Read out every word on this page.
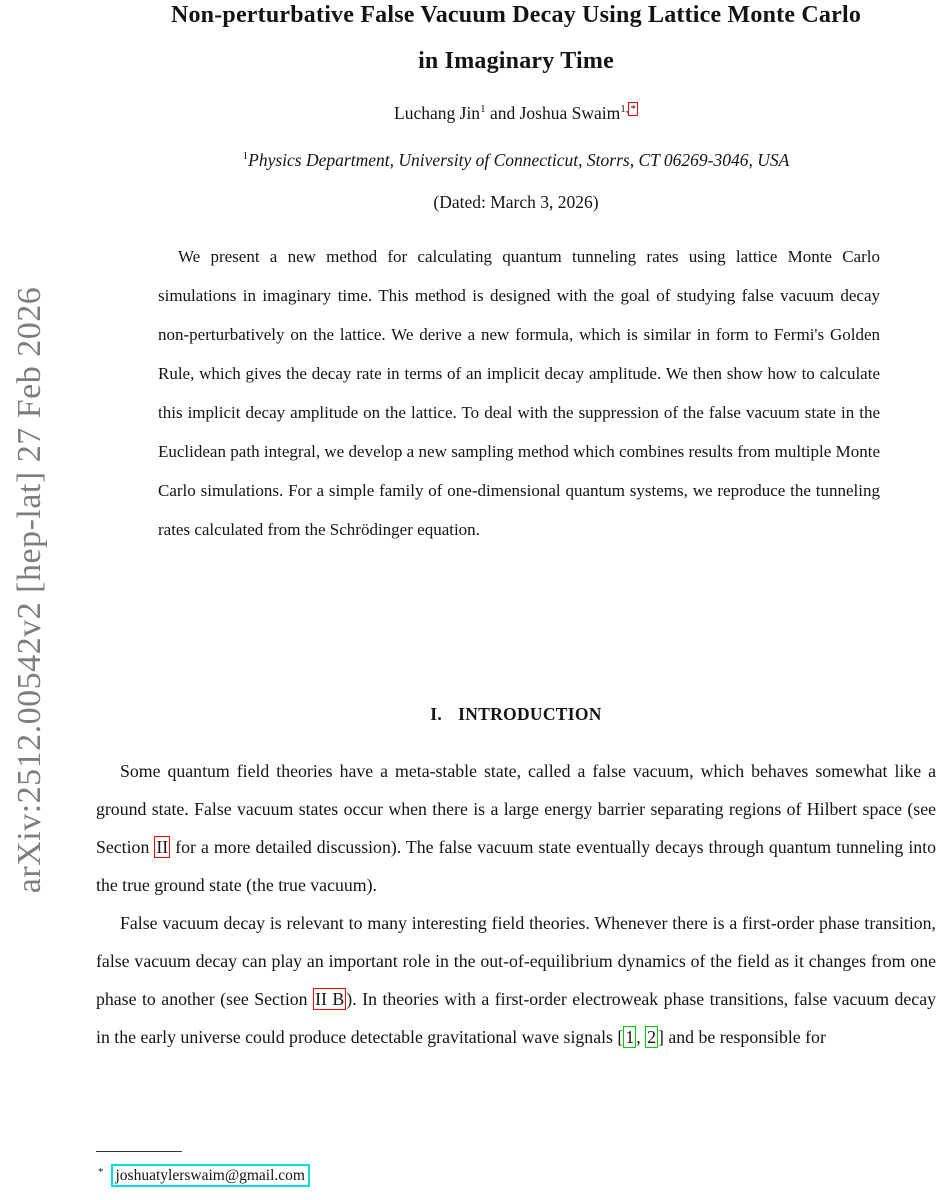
arXiv:2512.00542v2 [hep-lat] 27 Feb 2026
Non-perturbative False Vacuum Decay Using Lattice Monte Carlo
in Imaginary Time
Luchang Jin$^1$ and Joshua Swaim$^{1,}$ *
$^1$Physics Department, University of Connecticut, Storrs, CT 06269-3046, USA
(Dated: March 3, 2026)
We present a new method for calculating quantum tunneling rates using lattice Monte Carlo simulations in imaginary time. This method is designed with the goal of studying false vacuum decay non-perturbatively on the lattice. We derive a new formula, which is similar in form to Fermi's Golden Rule, which gives the decay rate in terms of an implicit decay amplitude. We then show how to calculate this implicit decay amplitude on the lattice. To deal with the suppression of the false vacuum state in the Euclidean path integral, we develop a new sampling method which combines results from multiple Monte Carlo simulations. For a simple family of one-dimensional quantum systems, we reproduce the tunneling rates calculated from the Schrödinger equation.
I. INTRODUCTION

Some quantum field theories have a meta-stable state, called a false vacuum, which behaves somewhat like a ground state. False vacuum states occur when there is a large energy barrier separating regions of Hilbert space (see Section II for a more detailed discussion). The false vacuum state eventually decays through quantum tunneling into the true ground state (the true vacuum).

False vacuum decay is relevant to many interesting field theories. Whenever there is a first-order phase transition, false vacuum decay can play an important role in the out-of-equilibrium dynamics of the field as it changes from one phase to another (see Section II B ). In theories with a first-order electroweak phase transitions, false vacuum decay in the early universe could produce detectable gravitational wave signals [ 1 , 2 ] and be responsible for

* joshuatylerswaim@gmail.com
